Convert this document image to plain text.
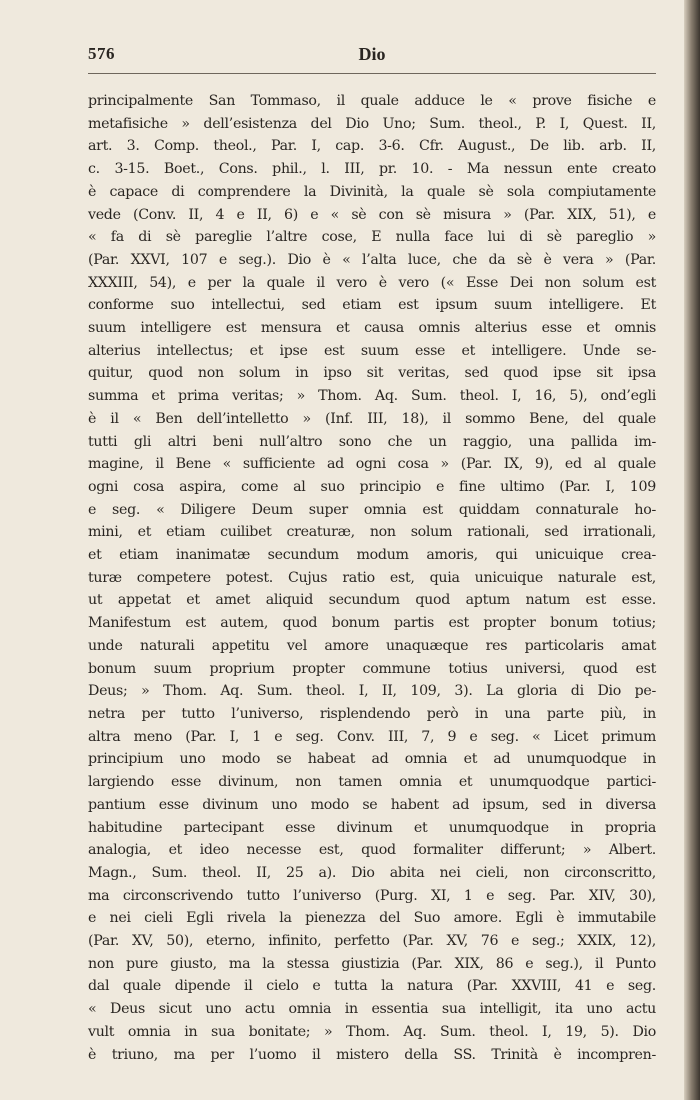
576	Dio
principalmente San Tommaso, il quale adduce le « prove fisiche e
metafisiche » dell’esistenza del Dio Uno; Sum. theol., P. I, Quest. II,
art. 3. Comp. theol., Par. I, cap. 3-6. Cfr. August., De lib. arb. II,
c. 3-15. Boet., Cons. phil., l. III, pr. 10. - Ma nessun ente creato
è capace di comprendere la Divinità, la quale sè sola compiutamente
vede (Conv. II, 4 e II, 6) e « sè con sè misura » (Par. XIX, 51), e
« fa di sè pareglie l’altre cose, E nulla face lui di sè pareglio »
(Par. XXVI, 107 e seg.). Dio è « l’alta luce, che da sè è vera » (Par.
XXXIII, 54), e per la quale il vero è vero (« Esse Dei non solum est
conforme suo intellectui, sed etiam est ipsum suum intelligere. Et
suum intelligere est mensura et causa omnis alterius esse et omnis
alterius intellectus; et ipse est suum esse et intelligere. Unde se-
quitur, quod non solum in ipso sit veritas, sed quod ipse sit ipsa
summa et prima veritas; » Thom. Aq. Sum. theol. I, 16, 5), ond’egli
è il « Ben dell’intelletto » (Inf. III, 18), il sommo Bene, del quale
tutti gli altri beni null’altro sono che un raggio, una pallida im-
magine, il Bene « sufficiente ad ogni cosa » (Par. IX, 9), ed al quale
ogni cosa aspira, come al suo principio e fine ultimo (Par. I, 109
e seg. « Diligere Deum super omnia est quiddam connaturale ho-
mini, et etiam cuilibet creaturæ, non solum rationali, sed irrationali,
et etiam inanimatæ secundum modum amoris, qui unicuique crea-
turæ competere potest. Cujus ratio est, quia unicuique naturale est,
ut appetat et amet aliquid secundum quod aptum natum est esse.
Manifestum est autem, quod bonum partis est propter bonum totius;
unde naturali appetitu vel amore unaquæque res particolaris amat
bonum suum proprium propter commune totius universi, quod est
Deus; » Thom. Aq. Sum. theol. I, II, 109, 3). La gloria di Dio pe-
netra per tutto l’universo, risplendendo però in una parte più, in
altra meno (Par. I, 1 e seg. Conv. III, 7, 9 e seg. « Licet primum
principium uno modo se habeat ad omnia et ad unumquodque in
largiendo esse divinum, non tamen omnia et unumquodque partici-
pantium esse divinum uno modo se habent ad ipsum, sed in diversa
habitudine partecipant esse divinum et unumquodque in propria
analogia, et ideo necesse est, quod formaliter differunt; » Albert.
Magn., Sum. theol. II, 25 a). Dio abita nei cieli, non circonscritto,
ma circonscrivendo tutto l’universo (Purg. XI, 1 e seg. Par. XIV, 30),
e nei cieli Egli rivela la pienezza del Suo amore. Egli è immutabile
(Par. XV, 50), eterno, infinito, perfetto (Par. XV, 76 e seg.; XXIX, 12),
non pure giusto, ma la stessa giustizia (Par. XIX, 86 e seg.), il Punto
dal quale dipende il cielo e tutta la natura (Par. XXVIII, 41 e seg.
« Deus sicut uno actu omnia in essentia sua intelligit, ita uno actu
vult omnia in sua bonitate; » Thom. Aq. Sum. theol. I, 19, 5). Dio
è triuno, ma per l’uomo il mistero della SS. Trinità è incompren-
